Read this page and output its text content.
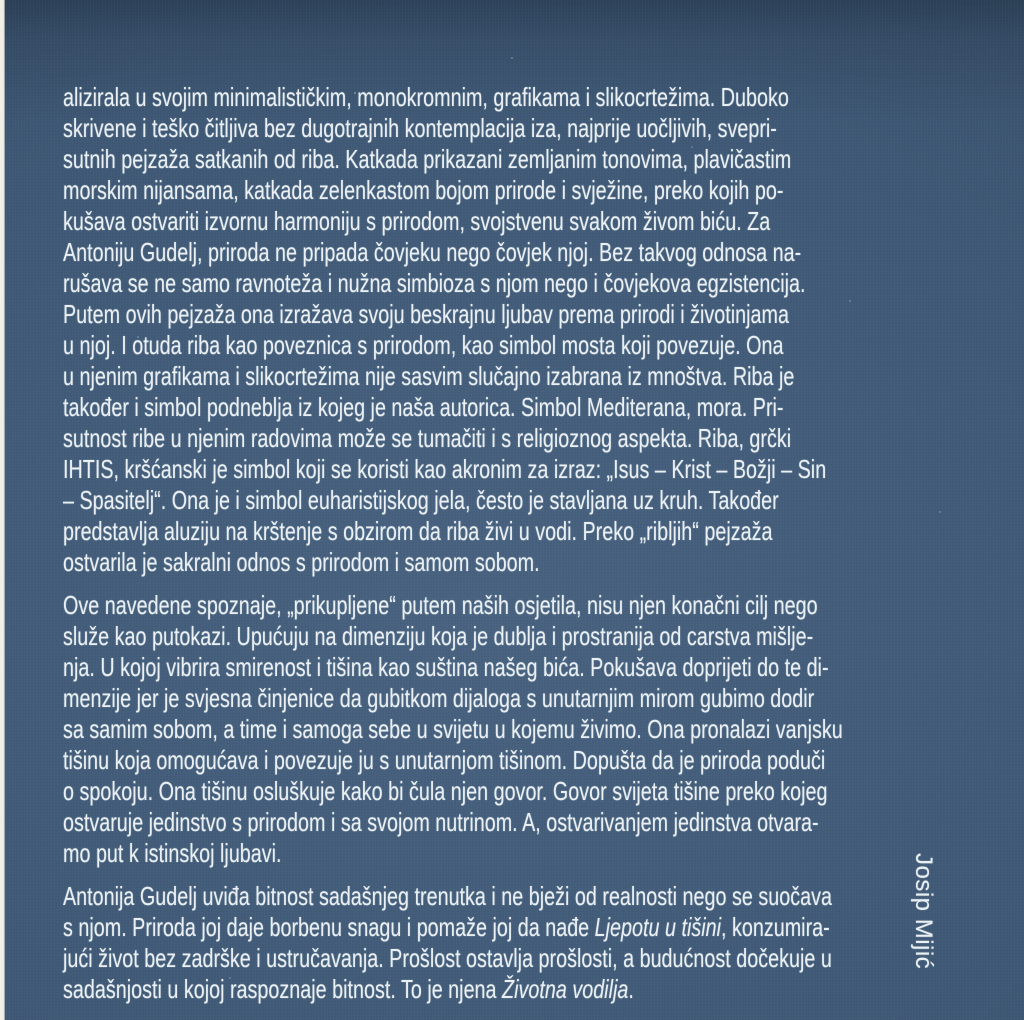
alizirala u svojim minimalističkim, monokromnim, grafikama i slikocrtežima. Duboko
skrivene i teško čitljiva bez dugotrajnih kontemplacija iza, najprije uočljivih, svepri-
sutnih pejzaža satkanih od riba. Katkada prikazani zemljanim tonovima, plavičastim
morskim nijansama, katkada zelenkastom bojom prirode i svježine, preko kojih po-
kušava ostvariti izvornu harmoniju s prirodom, svojstvenu svakom živom biću. Za
Antoniju Gudelj, priroda ne pripada čovjeku nego čovjek njoj. Bez takvog odnosa na-
rušava se ne samo ravnoteža i nužna simbioza s njom nego i čovjekova egzistencija.
Putem ovih pejzaža ona izražava svoju beskrajnu ljubav prema prirodi i životinjama
u njoj. I otuda riba kao poveznica s prirodom, kao simbol mosta koji povezuje. Ona
u njenim grafikama i slikocrtežima nije sasvim slučajno izabrana iz mnoštva. Riba je
također i simbol podneblja iz kojeg je naša autorica. Simbol Mediterana, mora. Pri-
sutnost ribe u njenim radovima može se tumačiti i s religioznog aspekta. Riba, grčki
IHTIS, kršćanski je simbol koji se koristi kao akronim za izraz: „Isus – Krist – Božji – Sin
– Spasitelj“. Ona je i simbol euharistijskog jela, često je stavljana uz kruh. Također
predstavlja aluziju na krštenje s obzirom da riba živi u vodi. Preko „ribljih“ pejzaža
ostvarila je sakralni odnos s prirodom i samom sobom.
Ove navedene spoznaje, „prikupljene“ putem naših osjetila, nisu njen konačni cilj nego
služe kao putokazi. Upućuju na dimenziju koja je dublja i prostranija od carstva mišlje-
nja. U kojoj vibrira smirenost i tišina kao suština našeg bića. Pokušava doprijeti do te di-
menzije jer je svjesna činjenice da gubitkom dijaloga s unutarnjim mirom gubimo dodir
sa samim sobom, a time i samoga sebe u svijetu u kojemu živimo. Ona pronalazi vanjsku
tišinu koja omogućava i povezuje ju s unutarnjom tišinom. Dopušta da je priroda poduči
o spokoju. Ona tišinu osluškuje kako bi čula njen govor. Govor svijeta tišine preko kojeg
ostvaruje jedinstvo s prirodom i sa svojom nutrinom. A, ostvarivanjem jedinstva otvara-
mo put k istinskoj ljubavi.
Antonija Gudelj uviđa bitnost sadašnjeg trenutka i ne bježi od realnosti nego se suočava
s njom. Priroda joj daje borbenu snagu i pomaže joj da nađe Ljepotu u tišini, konzumira-
jući život bez zadrške i ustručavanja. Prošlost ostavlja prošlosti, a budućnost dočekuje u
sadašnjosti u kojoj raspoznaje bitnost. To je njena Životna vodilja.
Josip Mijić
